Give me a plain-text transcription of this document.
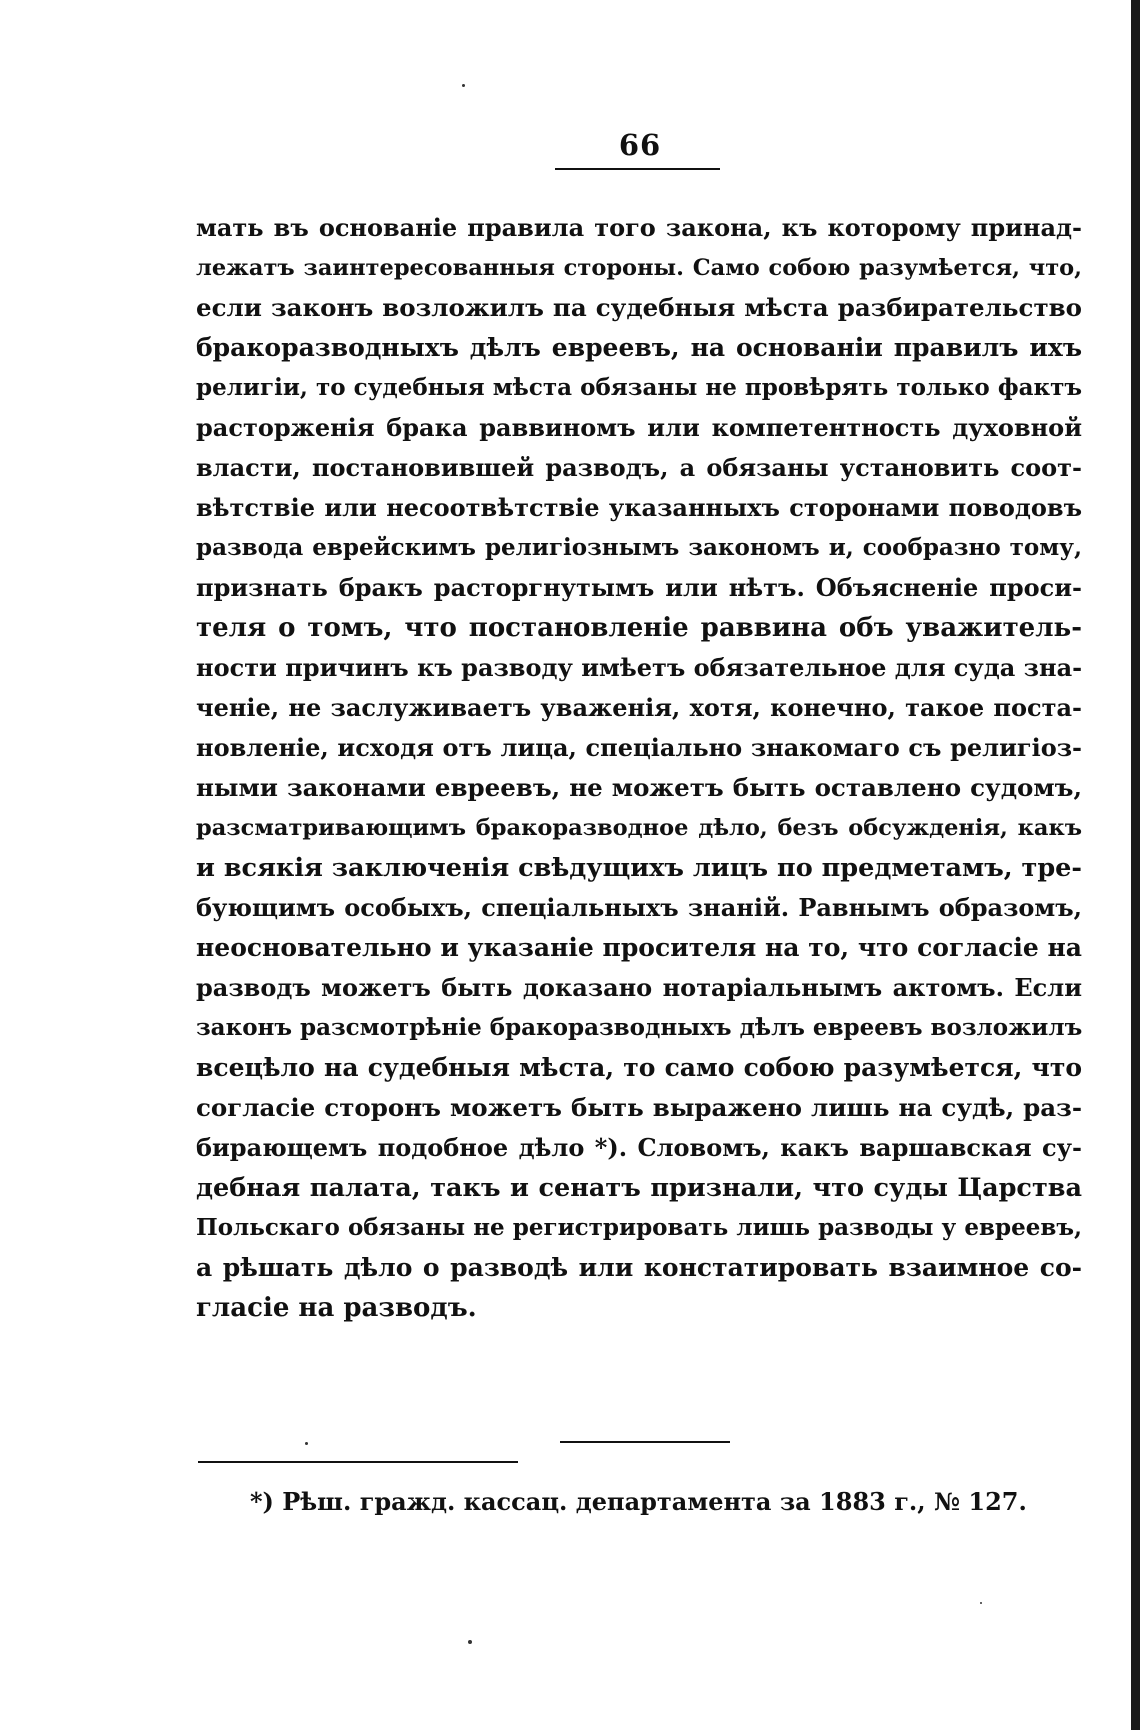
66
мать въ основаніе правила того закона, къ которому принад-
лежатъ заинтересованныя стороны. Само собою разумѣется, что,
если законъ возложилъ па судебныя мѣста разбирательство
бракоразводныхъ дѣлъ евреевъ, на основаніи правилъ ихъ
религіи, то судебныя мѣста обязаны не провѣрять только фактъ
расторженія брака раввиномъ или компетентность духовной
власти, постановившей разводъ, а обязаны установить соот-
вѣтствіе или несоотвѣтствіе указанныхъ сторонами поводовъ
развода еврейскимъ религіознымъ закономъ и, сообразно тому,
признать бракъ расторгнутымъ или нѣтъ. Объясненіе проси-
теля о томъ, что постановленіе раввина объ уважитель-
ности причинъ къ разводу имѣетъ обязательное для суда зна-
ченіе, не заслуживаетъ уваженія, хотя, конечно, такое поста-
новленіе, исходя отъ лица, спеціально знакомаго съ религіоз-
ными законами евреевъ, не можетъ быть оставлено судомъ,
разсматривающимъ бракоразводное дѣло, безъ обсужденія, какъ
и всякія заключенія свѣдущихъ лицъ по предметамъ, тре-
бующимъ особыхъ, спеціальныхъ знаній. Равнымъ образомъ,
неосновательно и указаніе просителя на то, что согласіе на
разводъ можетъ быть доказано нотаріальнымъ актомъ. Если
законъ разсмотрѣніе бракоразводныхъ дѣлъ евреевъ возложилъ
всецѣло на судебныя мѣста, то само собою разумѣется, что
согласіе сторонъ можетъ быть выражено лишь на судѣ, раз-
бирающемъ подобное дѣло *). Словомъ, какъ варшавская су-
дебная палата, такъ и сенатъ признали, что суды Царства
Польскаго обязаны не регистрировать лишь разводы у евреевъ,
а рѣшать дѣло о разводѣ или констатировать взаимное со-
гласіе на разводъ.
*) Рѣш. гражд. кассац. департамента за 1883 г., № 127.
